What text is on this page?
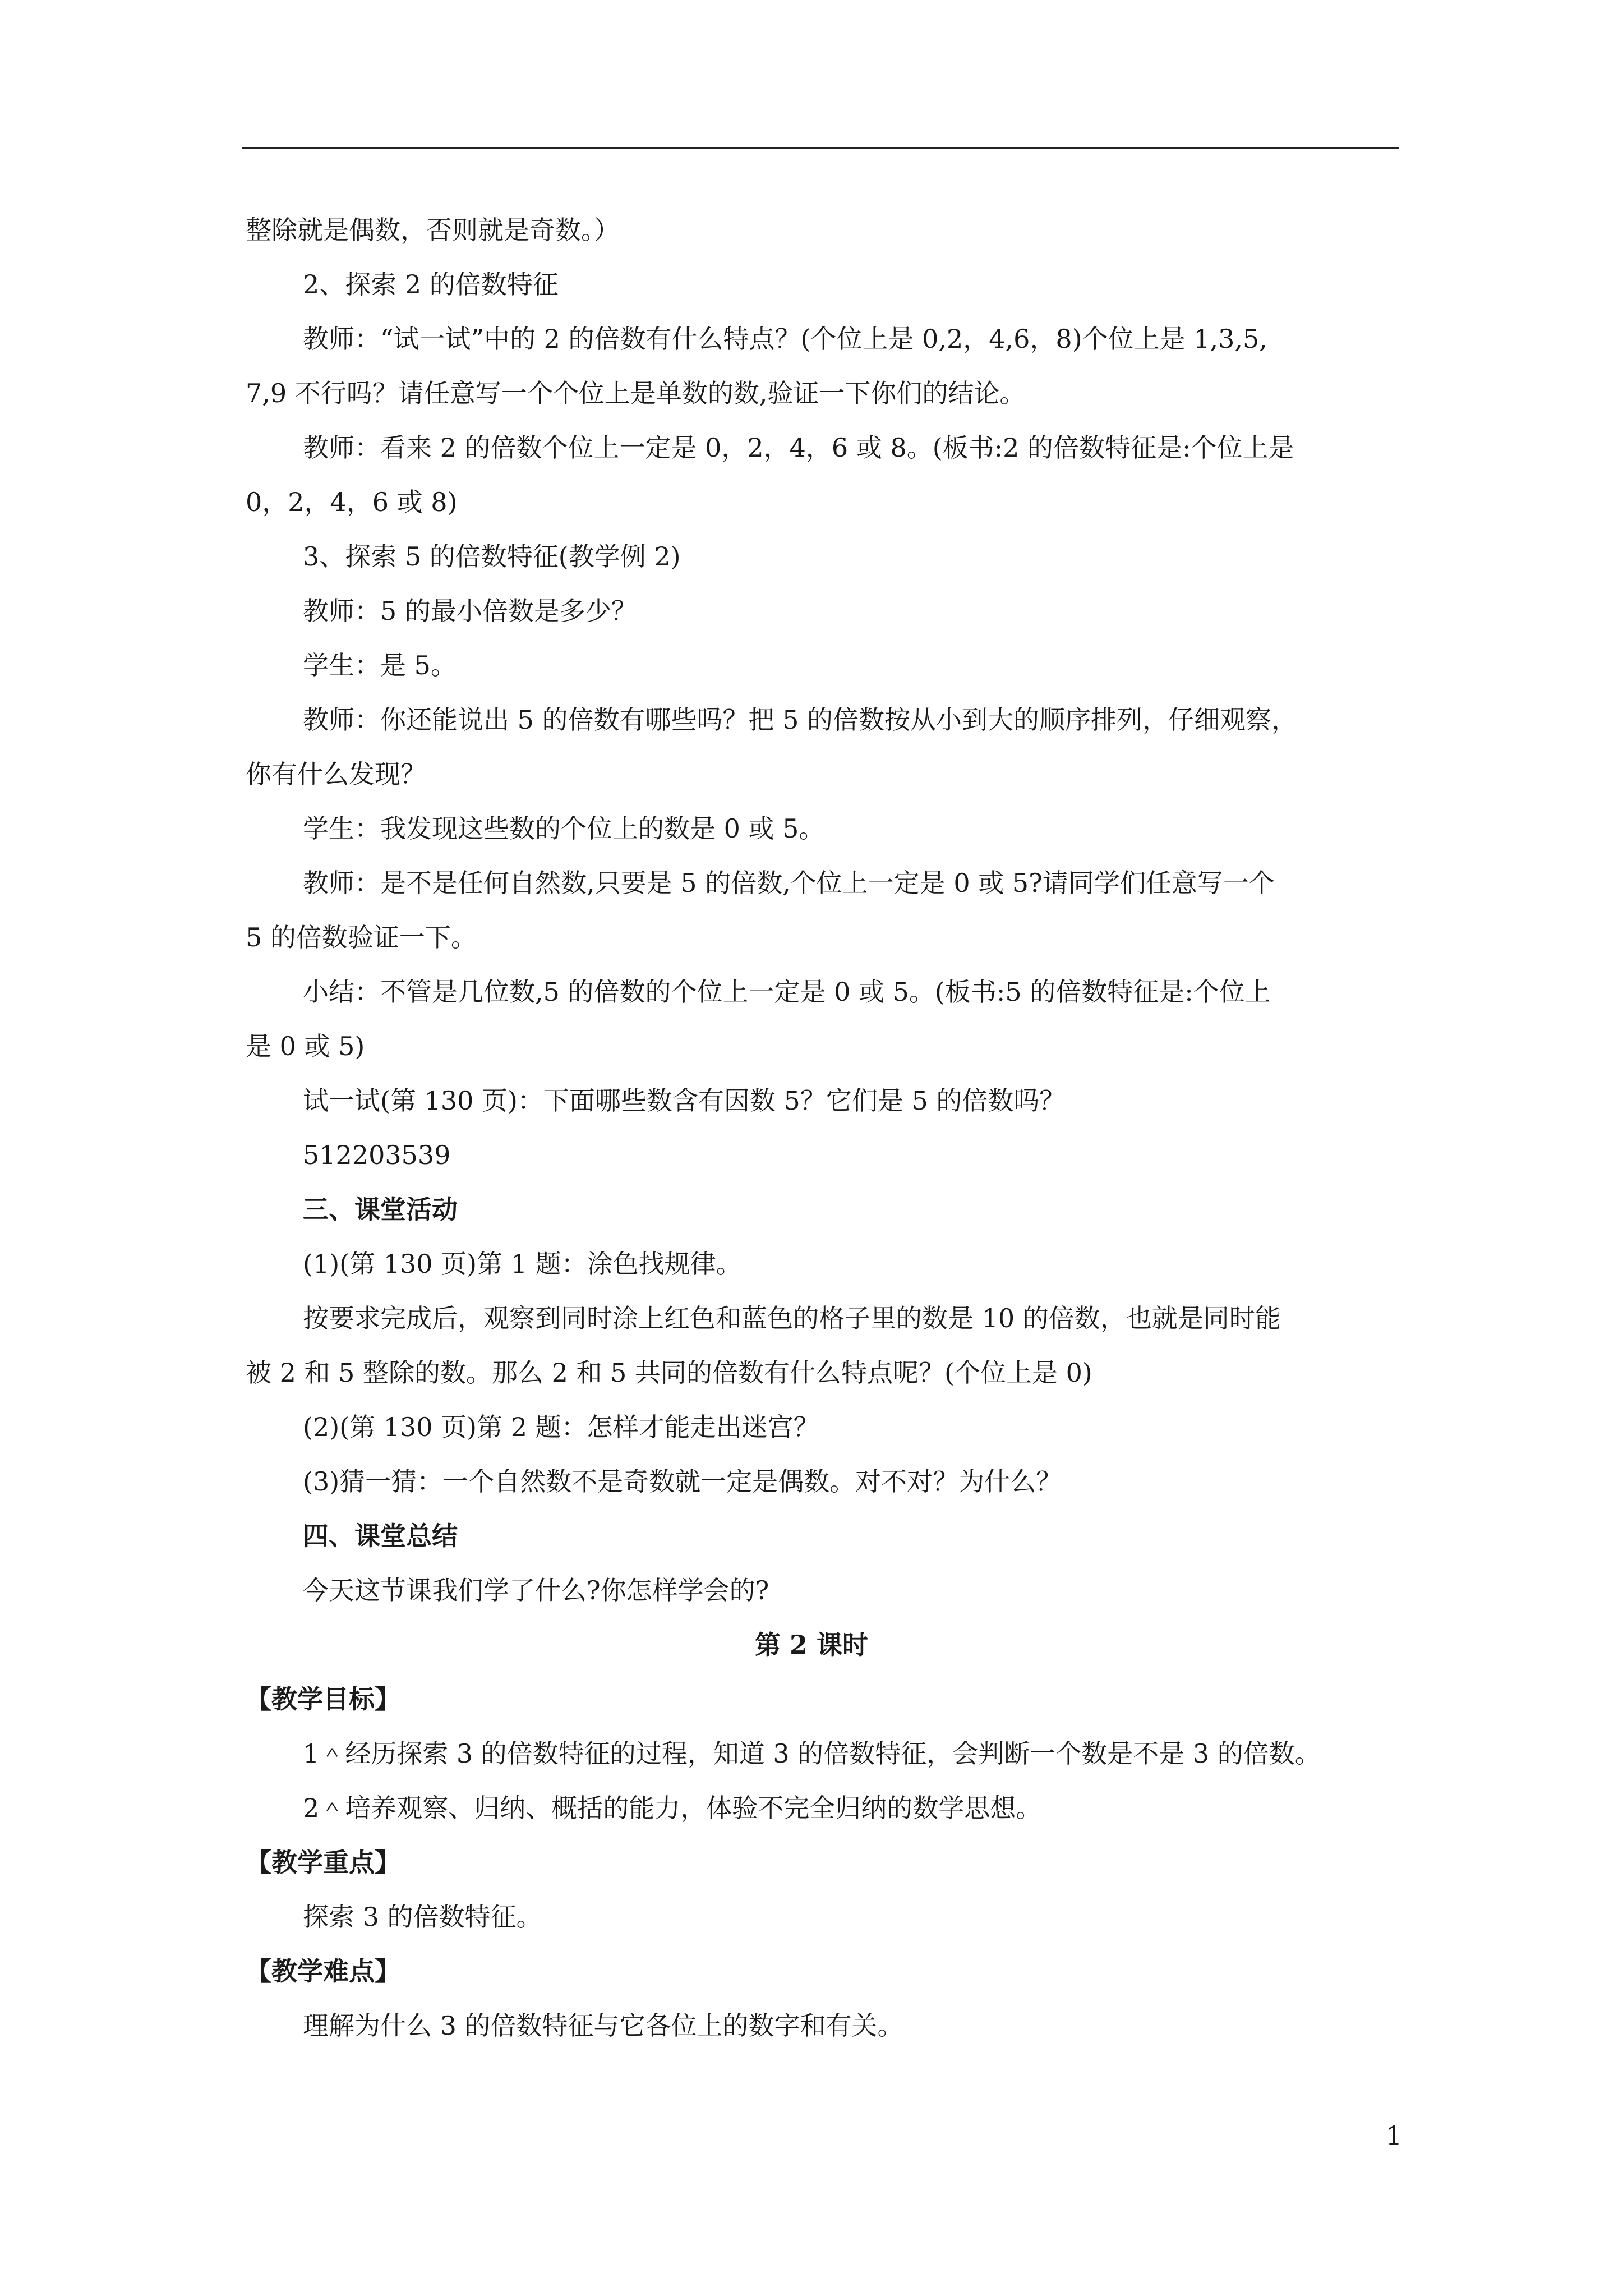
整除就是偶数，否则就是奇数。）

2、探索 2 的倍数特征

教师：“试一试”中的 2 的倍数有什么特点？(个位上是 0,2，4,6，8)个位上是 1,3,5,

7,9 不行吗？请任意写一个个位上是单数的数,验证一下你们的结论。

教师：看来 2 的倍数个位上一定是 0，2，4，6 或 8。(板书:2 的倍数特征是:个位上是

0，2，4，6 或 8)

3、探索 5 的倍数特征(教学例 2)

教师：5 的最小倍数是多少？

学生：是 5。

教师：你还能说出 5 的倍数有哪些吗？把 5 的倍数按从小到大的顺序排列，仔细观察，

你有什么发现？

学生：我发现这些数的个位上的数是 0 或 5。

教师：是不是任何自然数,只要是 5 的倍数,个位上一定是 0 或 5?请同学们任意写一个

5 的倍数验证一下。

小结：不管是几位数,5 的倍数的个位上一定是 0 或 5。(板书:5 的倍数特征是:个位上

是 0 或 5)

试一试(第 130 页)：下面哪些数含有因数 5？它们是 5 的倍数吗？

512203539

三、课堂活动

(1)(第 130 页)第 1 题：涂色找规律。

按要求完成后，观察到同时涂上红色和蓝色的格子里的数是 10 的倍数，也就是同时能

被 2 和 5 整除的数。那么 2 和 5 共同的倍数有什么特点呢？(个位上是 0)

(2)(第 130 页)第 2 题：怎样才能走出迷宫？

(3)猜一猜：一个自然数不是奇数就一定是偶数。对不对？为什么？

四、课堂总结

今天这节课我们学了什么?你怎样学会的?

第 2 课时

【教学目标】

1＾经历探索 3 的倍数特征的过程，知道 3 的倍数特征，会判断一个数是不是 3 的倍数。

2＾培养观察、归纳、概括的能力，体验不完全归纳的数学思想。

【教学重点】

探索 3 的倍数特征。

【教学难点】

理解为什么 3 的倍数特征与它各位上的数字和有关。

1
